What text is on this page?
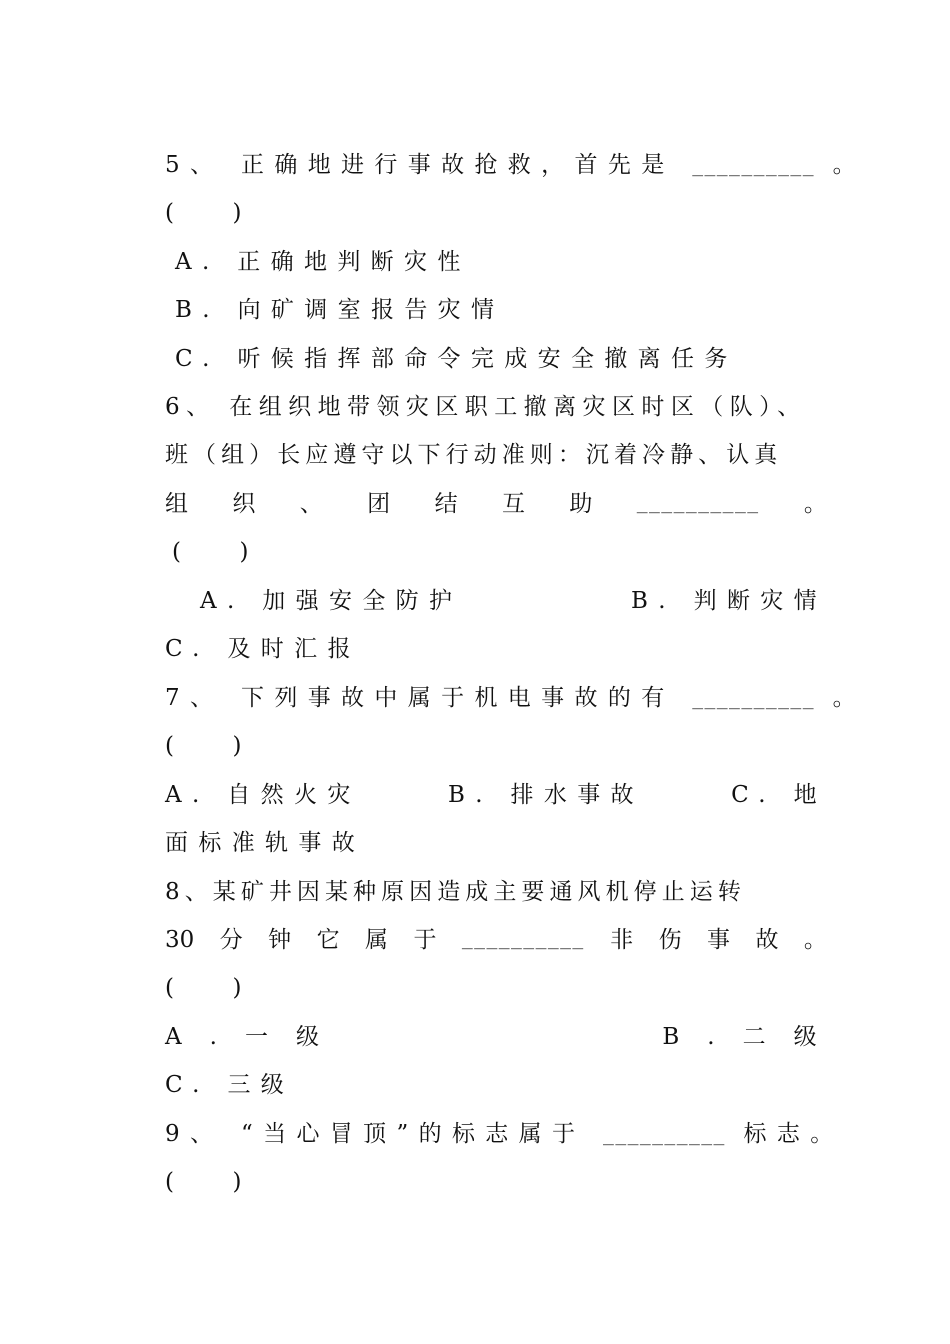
5、 正确地进行事故抢救，首先是 __________ 。
(        )
A. 正确地判断灾性
B. 向矿调室报告灾情
C. 听候指挥部命令完成安全撤离任务
6、 在组织地带领灾区职工撤离灾区时区（队）、
班（组）长应遵守以下行动准则：沉着冷静、认真
组 织 、 团 结 互 助 __________ 。
(        )
A. 加强安全防护	B. 判断灾情
C. 及时汇报
7、 下列事故中属于机电事故的有 __________ 。
(        )
A. 自然火灾	B. 排水事故	C. 地
面标准轨事故
8、某矿井因某种原因造成主要通风机停止运转
30 分 钟 它 属 于 __________ 非 伤 事 故 。
(        )
A . 一 级	B . 二 级
C. 三级
9、 “当心冒顶”的标志属于 __________ 标志。
(        )
